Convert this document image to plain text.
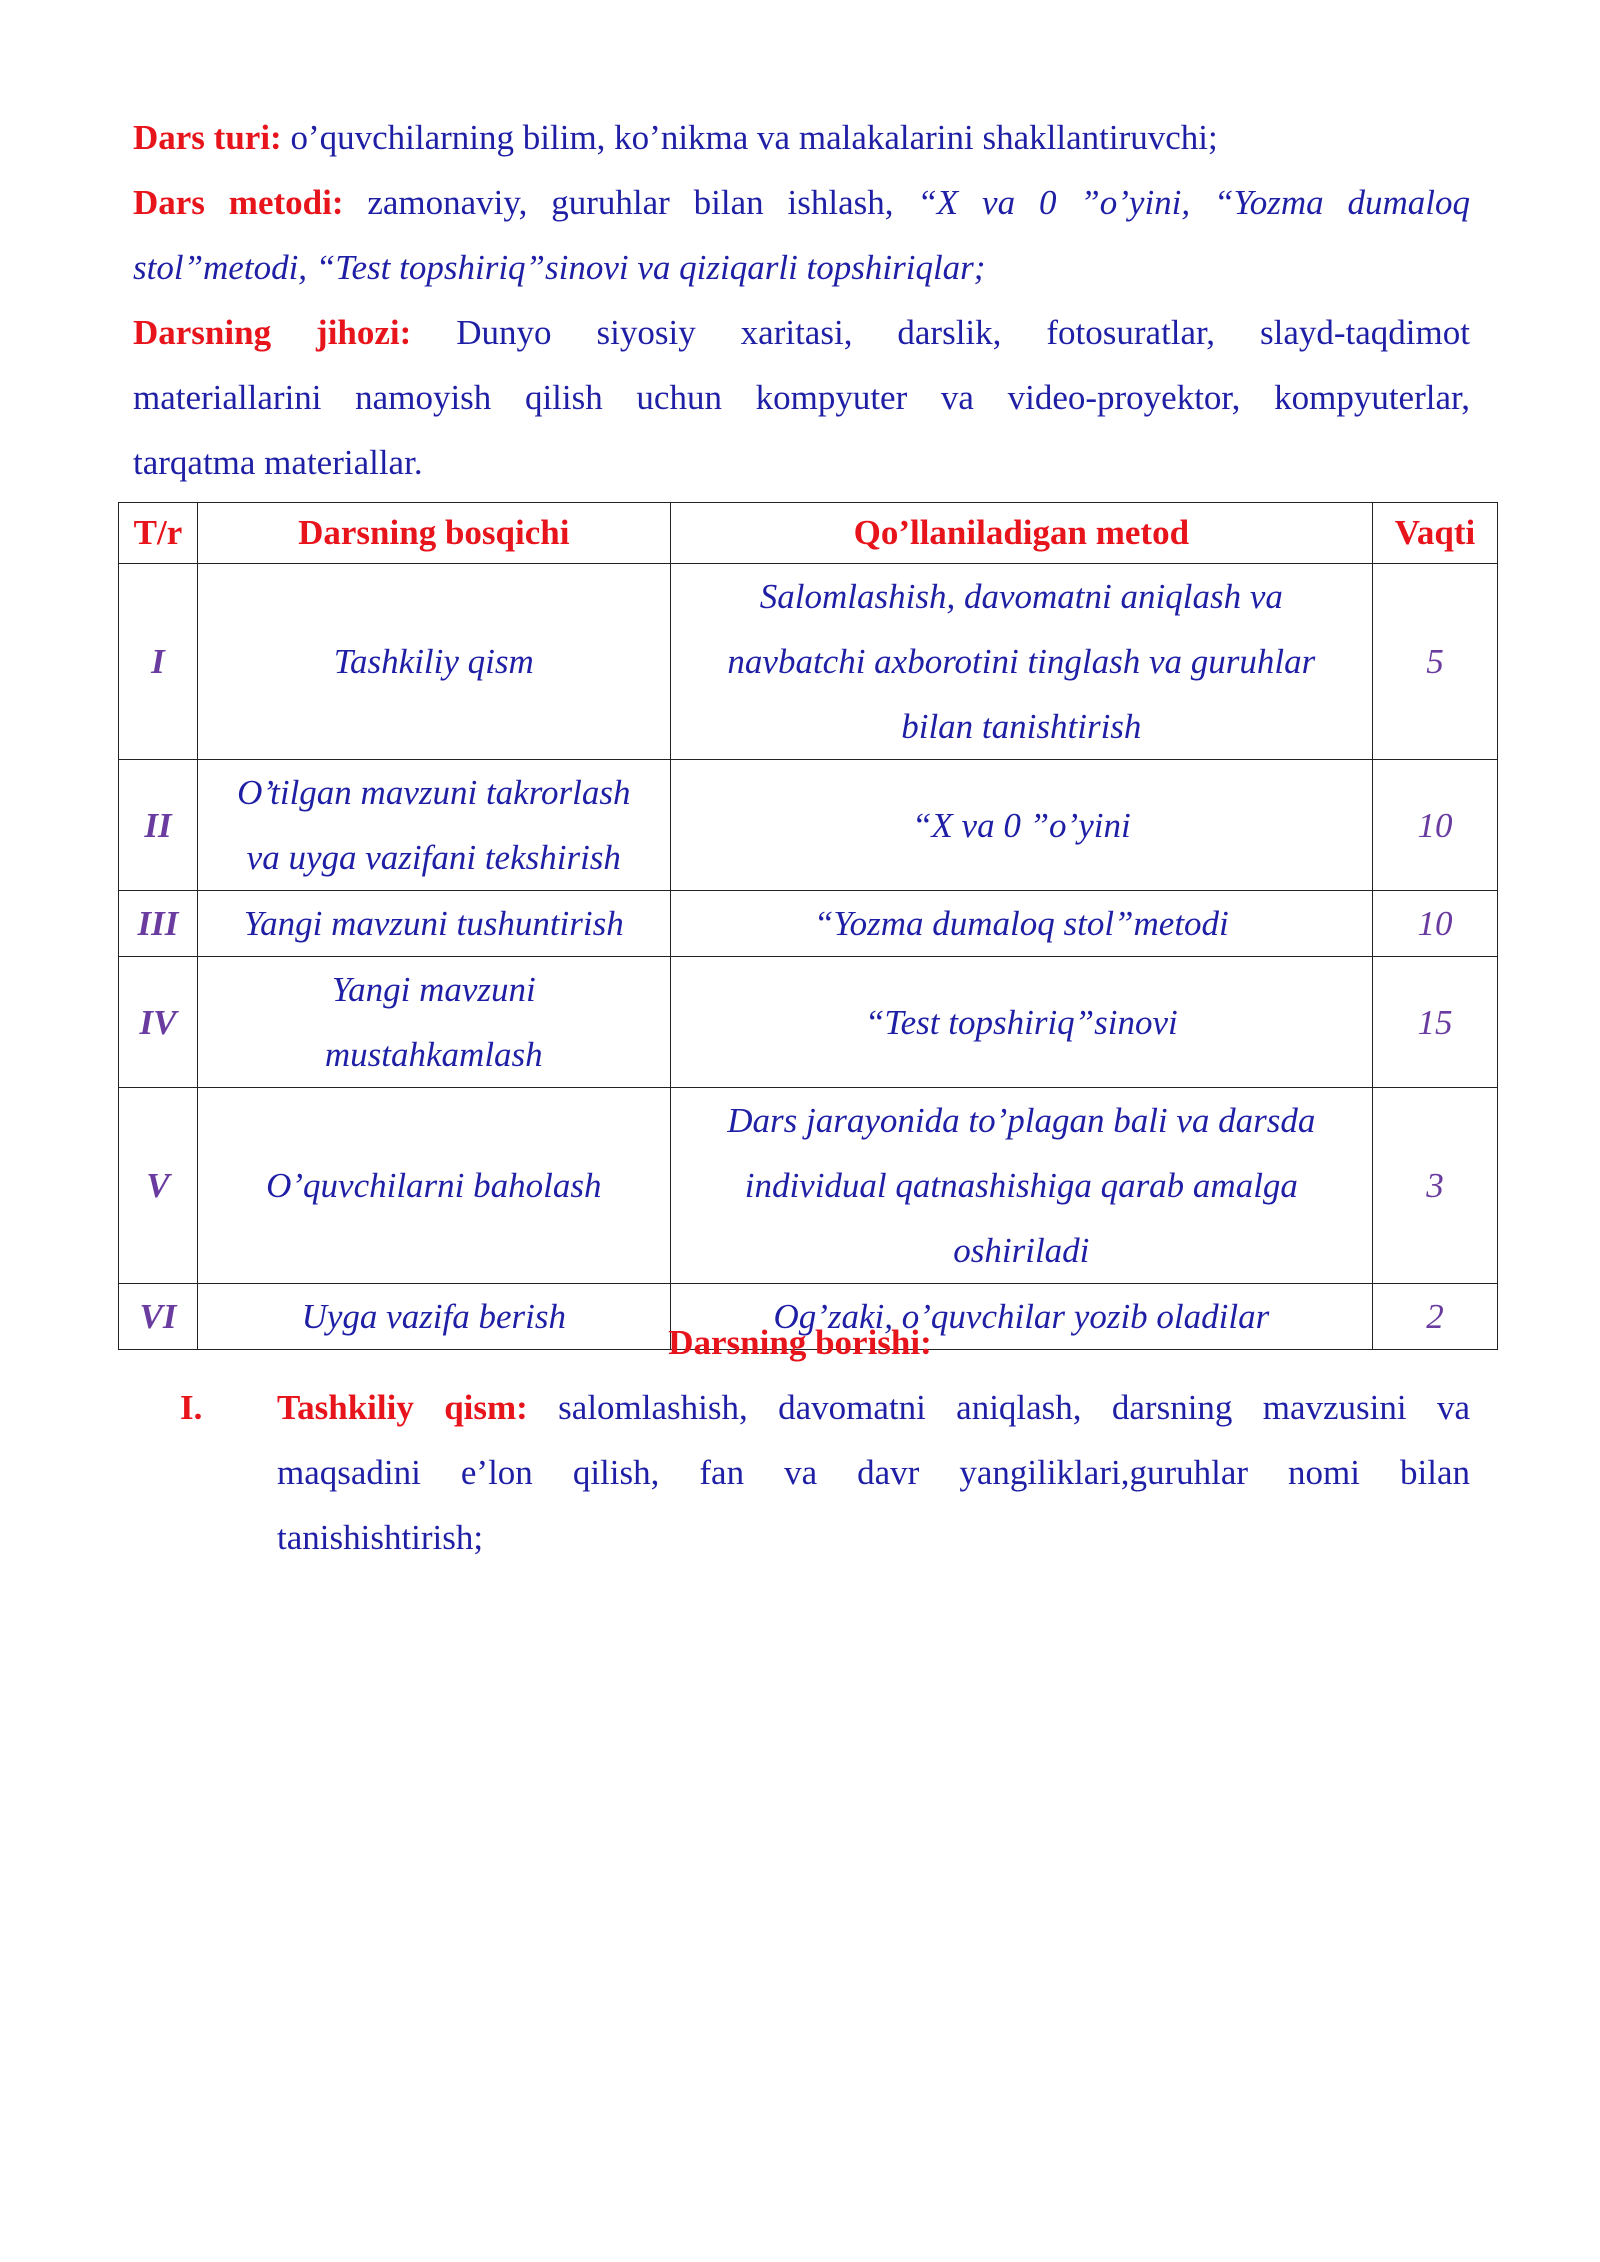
Dars turi: o’quvchilarning bilim, ko’nikma va malakalarini shakllantiruvchi;

Dars metodi: zamonaviy, guruhlar bilan ishlash, “X va 0 ”o’yini, “Yozma dumaloq

stol”metodi, “Test topshiriq”sinovi va qiziqarli topshiriqlar;

Darsning jihozi: Dunyo siyosiy xaritasi, darslik, fotosuratlar, slayd-taqdimot

materiallarini namoyish qilish uchun kompyuter va video-proyektor, kompyuterlar,

tarqatma materiallar.

T/r	Darsning bosqichi	Qo’llaniladigan metod	Vaqti
I	Tashkiliy qism	Salomlashish, davomatni aniqlash va
navbatchi axborotini tinglash va guruhlar
bilan tanishtirish	5
II	O’tilgan mavzuni takrorlash
va uyga vazifani tekshirish	“X va 0 ”o’yini	10
III	Yangi mavzuni tushuntirish	“Yozma dumaloq stol”metodi	10
IV	Yangi mavzuni
mustahkamlash	“Test topshiriq”sinovi	15
V	O’quvchilarni baholash	Dars jarayonida to’plagan bali va darsda
individual qatnashishiga qarab amalga
oshiriladi	3
VI	Uyga vazifa berish	Og’zaki, o’quvchilar yozib oladilar	2
Darsning borishi:
I. Tashkiliy qism: salomlashish, davomatni aniqlash, darsning mavzusini va
maqsadini e’lon qilish, fan va davr yangiliklari,guruhlar nomi bilan
tanishishtirish;
